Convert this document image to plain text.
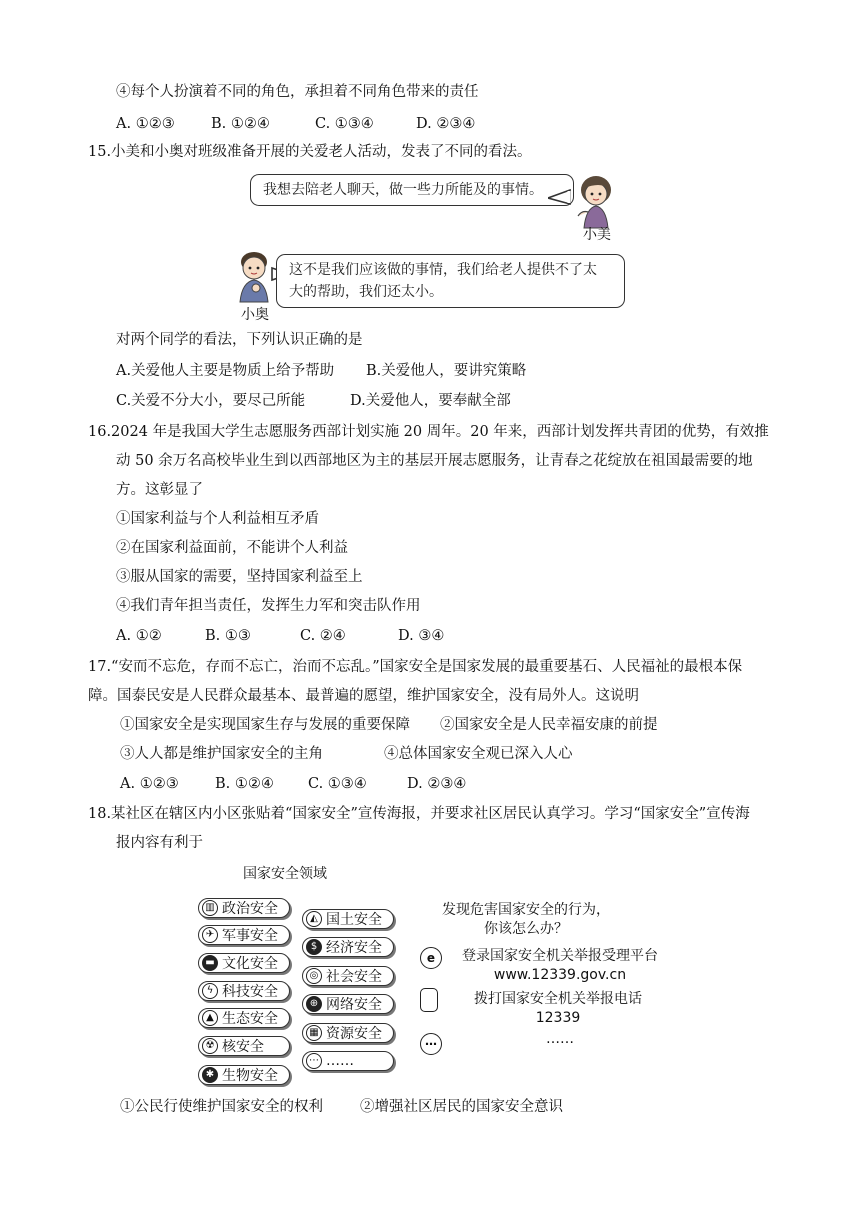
④每个人扮演着不同的角色，承担着不同角色带来的责任
A. ①②③	B. ①②④	C. ①③④	D. ②③④
15.小美和小奥对班级准备开展的关爱老人活动，发表了不同的看法。
我想去陪老人聊天，做一些力所能及的事情。
小美
这不是我们应该做的事情，我们给老人提供不了太
大的帮助，我们还太小。
小奥
对两个同学的看法，下列认识正确的是
A.关爱他人主要是物质上给予帮助 B.关爱他人，要讲究策略
C.关爱不分大小，要尽己所能	D.关爱他人，要奉献全部
16.2024 年是我国大学生志愿服务西部计划实施 20 周年。20 年来，西部计划发挥共青团的优势，有效推
动 50 余万名高校毕业生到以西部地区为主的基层开展志愿服务，让青春之花绽放在祖国最需要的地
方。这彰显了
①国家利益与个人利益相互矛盾
②在国家利益面前，不能讲个人利益
③服从国家的需要，坚持国家利益至上
④我们青年担当责任，发挥生力军和突击队作用
A. ①②	B. ①③	C. ②④	D. ③④
17.“安而不忘危，存而不忘亡，治而不忘乱。”国家安全是国家发展的最重要基石、人民福祉的最根本保
障。国泰民安是人民群众最基本、最普遍的愿望，维护国家安全，没有局外人。这说明
①国家安全是实现国家生存与发展的重要保障 ②国家安全是人民幸福安康的前提
③人人都是维护国家安全的主角	④总体国家安全观已深入人心
A. ①②③	B. ①②④ C. ①③④	D. ②③④
18.某社区在辖区内小区张贴着“国家安全”宣传海报，并要求社区居民认真学习。学习“国家安全”宣传海
报内容有利于
国家安全领域
▥ 政治安全
✈ 军事安全
▬ 文化安全
ϟ 科技安全
▲ 生态安全
☢ 核安全
✱ 生物安全
◭ 国土安全
$ 经济安全
◎ 社会安全
⊕ 网络安全
▦ 资源安全
⋯ ……
发现危害国家安全的行为，
你该怎么办？
e	登录国家安全机关举报受理平台
www.12339.gov.cn
拨打国家安全机关举报电话
12339
⋯	……
①公民行使维护国家安全的权利	②增强社区居民的国家安全意识
